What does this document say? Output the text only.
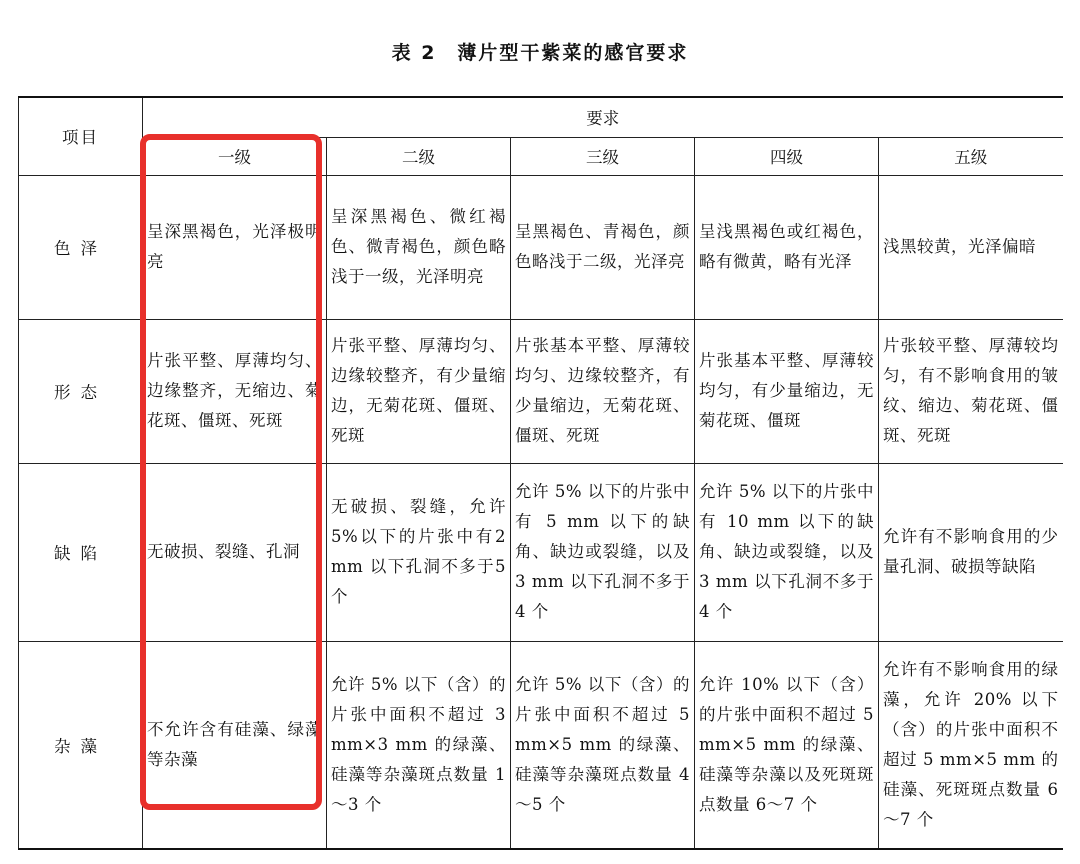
表 2　薄片型干紫菜的感官要求
项目	要求				
	一级	二级	三级	四级	五级
色泽	呈深黑褐色，光泽极明亮	呈深黑褐色、微红褐色、微青褐色，颜色略浅于一级，光泽明亮	呈黑褐色、青褐色，颜色略浅于二级，光泽亮	呈浅黑褐色或红褐色，略有微黄，略有光泽	浅黑较黄，光泽偏暗
形态	片张平整、厚薄均匀、边缘整齐，无缩边、菊花斑、僵斑、死斑	片张平整、厚薄均匀、边缘较整齐，有少量缩边，无菊花斑、僵斑、死斑	片张基本平整、厚薄较均匀、边缘较整齐，有少量缩边，无菊花斑、僵斑、死斑	片张基本平整、厚薄较均匀，有少量缩边，无菊花斑、僵斑	片张较平整、厚薄较均匀，有不影响食用的皱纹、缩边、菊花斑、僵斑、死斑
缺陷	无破损、裂缝、孔洞	无破损、裂缝，允许5%以下的片张中有2 mm 以下孔洞不多于5个	允许 5% 以下的片张中有 5 mm 以下的缺角、缺边或裂缝，以及 3 mm 以下孔洞不多于 4 个	允许 5% 以下的片张中有 10 mm 以下的缺角、缺边或裂缝，以及 3 mm 以下孔洞不多于 4 个	允许有不影响食用的少量孔洞、破损等缺陷
杂藻	不允许含有硅藻、绿藻等杂藻	允许 5% 以下（含）的片张中面积不超过 3 mm×3 mm 的绿藻、硅藻等杂藻斑点数量 1～3 个	允许 5% 以下（含）的片张中面积不超过 5 mm×5 mm 的绿藻、硅藻等杂藻斑点数量 4～5 个	允许 10% 以下（含）的片张中面积不超过 5 mm×5 mm 的绿藻、硅藻等杂藻以及死斑斑点数量 6～7 个	允许有不影响食用的绿藻，允许 20% 以下（含）的片张中面积不超过 5 mm×5 mm 的硅藻、死斑斑点数量 6～7 个
